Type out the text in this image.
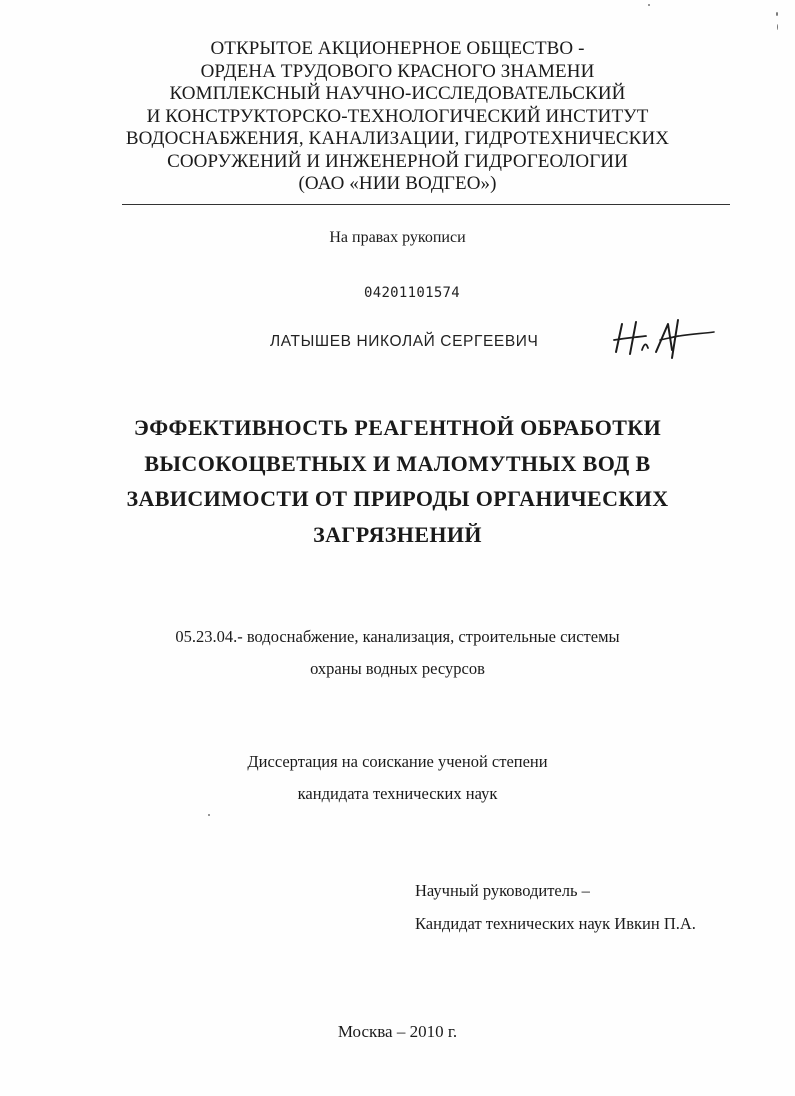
ОТКРЫТОЕ АКЦИОНЕРНОЕ ОБЩЕСТВО -
ОРДЕНА ТРУДОВОГО КРАСНОГО ЗНАМЕНИ
КОМПЛЕКСНЫЙ НАУЧНО-ИССЛЕДОВАТЕЛЬСКИЙ
И КОНСТРУКТОРСКО-ТЕХНОЛОГИЧЕСКИЙ ИНСТИТУТ
ВОДОСНАБЖЕНИЯ, КАНАЛИЗАЦИИ, ГИДРОТЕХНИЧЕСКИХ
СООРУЖЕНИЙ И ИНЖЕНЕРНОЙ ГИДРОГЕОЛОГИИ
(ОАО «НИИ ВОДГЕО»)
На правах рукописи
04201101574
ЛАТЫШЕВ НИКОЛАЙ СЕРГЕЕВИЧ
ЭФФЕКТИВНОСТЬ РЕАГЕНТНОЙ ОБРАБОТКИ
ВЫСОКОЦВЕТНЫХ И МАЛОМУТНЫХ ВОД В
ЗАВИСИМОСТИ ОТ ПРИРОДЫ ОРГАНИЧЕСКИХ
ЗАГРЯЗНЕНИЙ
05.23.04.- водоснабжение, канализация, строительные системы
охраны водных ресурсов
Диссертация на соискание ученой степени
кандидата технических наук
Научный руководитель –
Кандидат технических наук Ивкин П.А.
Москва – 2010 г.
